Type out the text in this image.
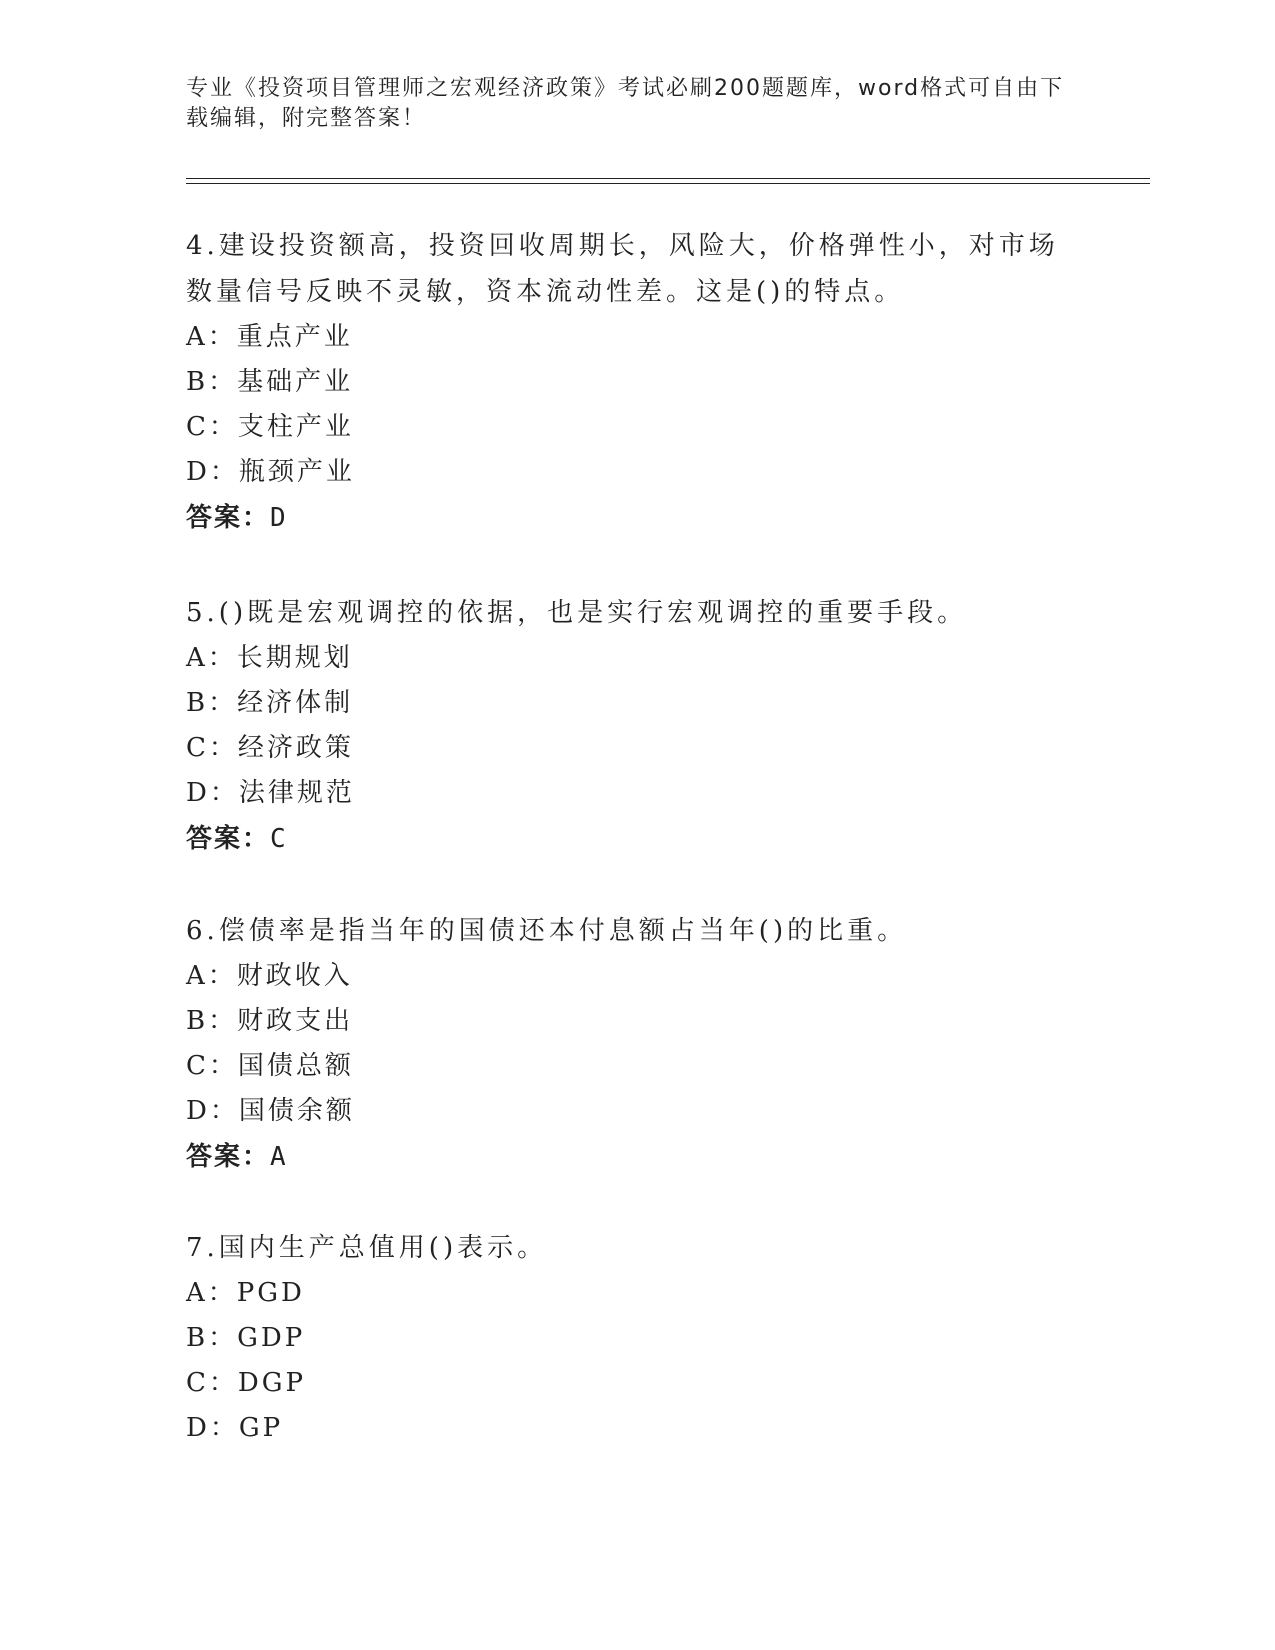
专业《投资项目管理师之宏观经济政策》考试必刷200题题库，word格式可自由下载编辑，附完整答案！

4.建设投资额高，投资回收周期长，风险大，价格弹性小，对市场数量信号反映不灵敏，资本流动性差。这是()的特点。

A：重点产业

B：基础产业

C：支柱产业

D：瓶颈产业

答案：D

5.()既是宏观调控的依据，也是实行宏观调控的重要手段。

A：长期规划

B：经济体制

C：经济政策

D：法律规范

答案：C

6.偿债率是指当年的国债还本付息额占当年()的比重。

A：财政收入

B：财政支出

C：国债总额

D：国债余额

答案：A

7.国内生产总值用()表示。

A：PGD

B：GDP

C：DGP

D：GP
